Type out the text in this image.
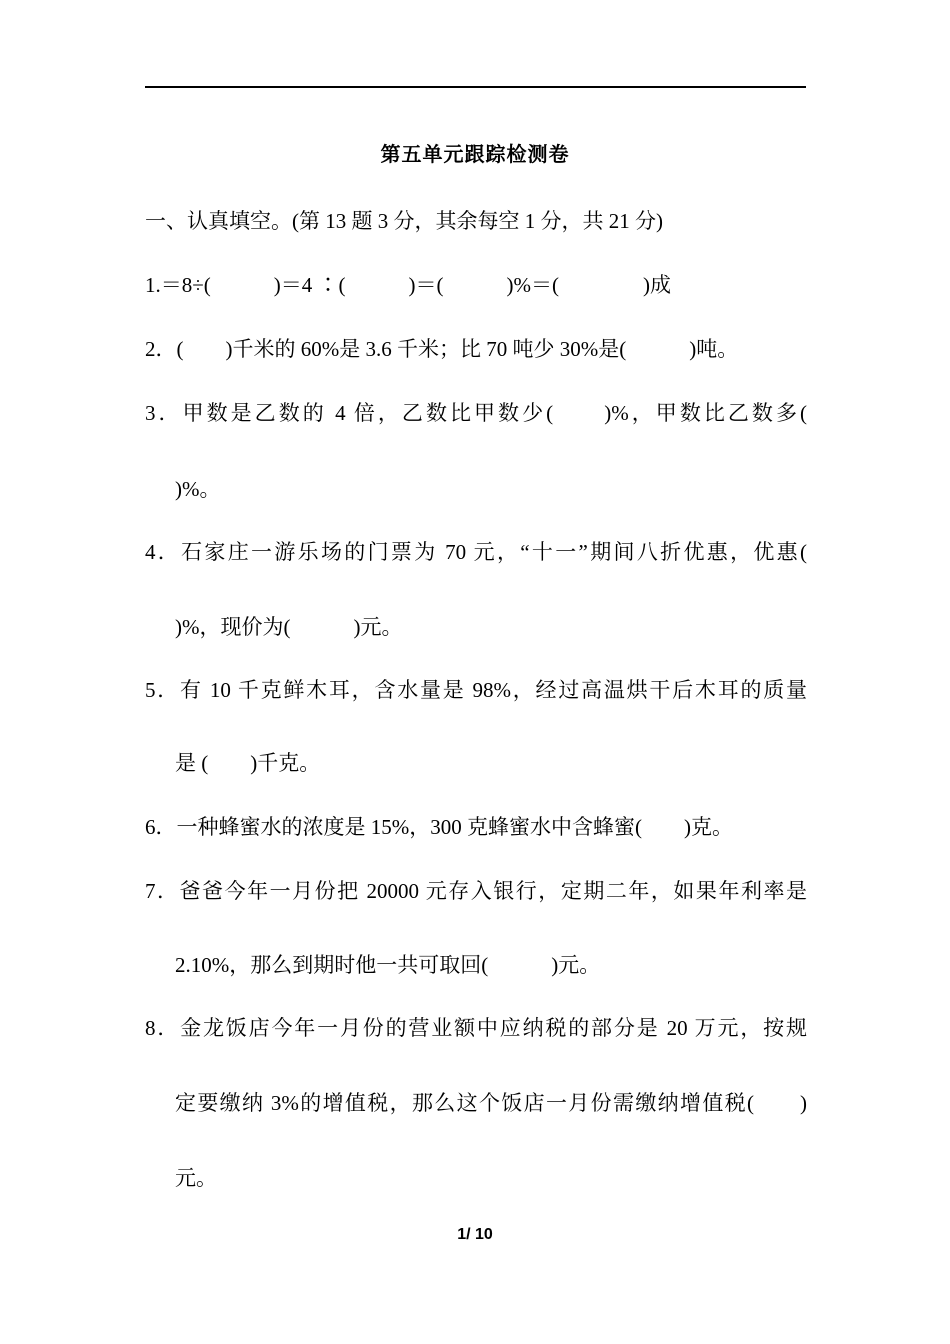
第五单元跟踪检测卷
一、认真填空。(第 13 题 3 分，其余每空 1 分，共 21 分)
1.＝8÷(　　　)＝4 ∶(　　　)＝(　　　)%＝(　　　　)成
2．(　　)千米的 60%是 3.6 千米；比 70 吨少 30%是(　　　)吨。
3．甲数是乙数的 4 倍，乙数比甲数少(　　)%，甲数比乙数多(
)%。
4．石家庄一游乐场的门票为 70 元，“十一”期间八折优惠，优惠(
)%，现价为(　　　)元。
5．有 10 千克鲜木耳，含水量是 98%，经过高温烘干后木耳的质量
是 (　　)千克。
6．一种蜂蜜水的浓度是 15%，300 克蜂蜜水中含蜂蜜(　　)克。
7．爸爸今年一月份把 20000 元存入银行，定期二年，如果年利率是
2.10%，那么到期时他一共可取回(　　　)元。
8．金龙饭店今年一月份的营业额中应纳税的部分是 20 万元，按规
定要缴纳 3%的增值税，那么这个饭店一月份需缴纳增值税(　　)
元。
1/ 10
